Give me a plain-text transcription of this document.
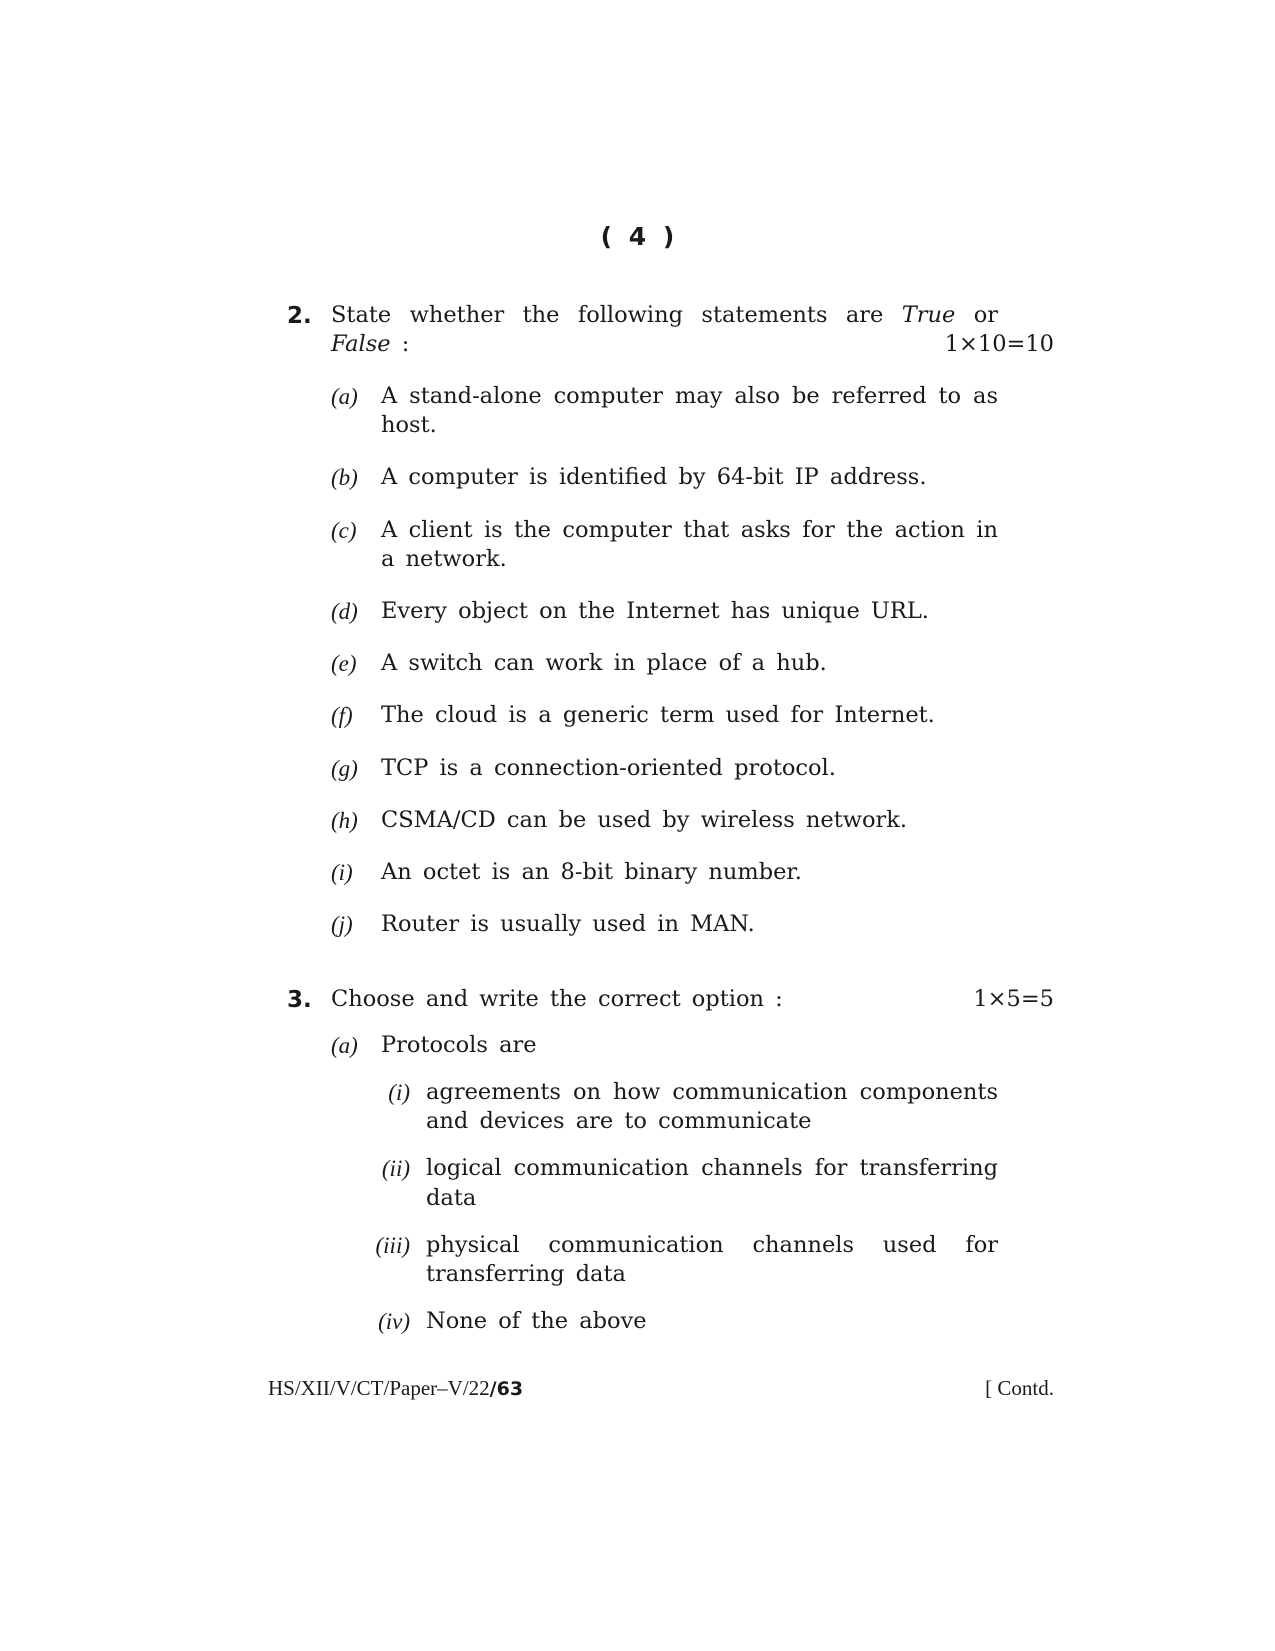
( 4 )
2. State whether the following statements are True or
False :	1×10=10
(a) A stand-alone computer may also be referred to as
host.
(b) A computer is identified by 64-bit IP address.
(c) A client is the computer that asks for the action in
a network.
(d) Every object on the Internet has unique URL.
(e) A switch can work in place of a hub.
(f) The cloud is a generic term used for Internet.
(g) TCP is a connection-oriented protocol.
(h) CSMA/CD can be used by wireless network.
(i) An octet is an 8-bit binary number.
(j) Router is usually used in MAN.
3. Choose and write the correct option :	1×5=5
(a) Protocols are
(i) agreements on how communication components
and devices are to communicate
(ii) logical communication channels for transferring
data
(iii) physical communication channels used for
transferring data
(iv) None of the above
HS/XII/V/CT/Paper–V/22/63	[ Contd.
